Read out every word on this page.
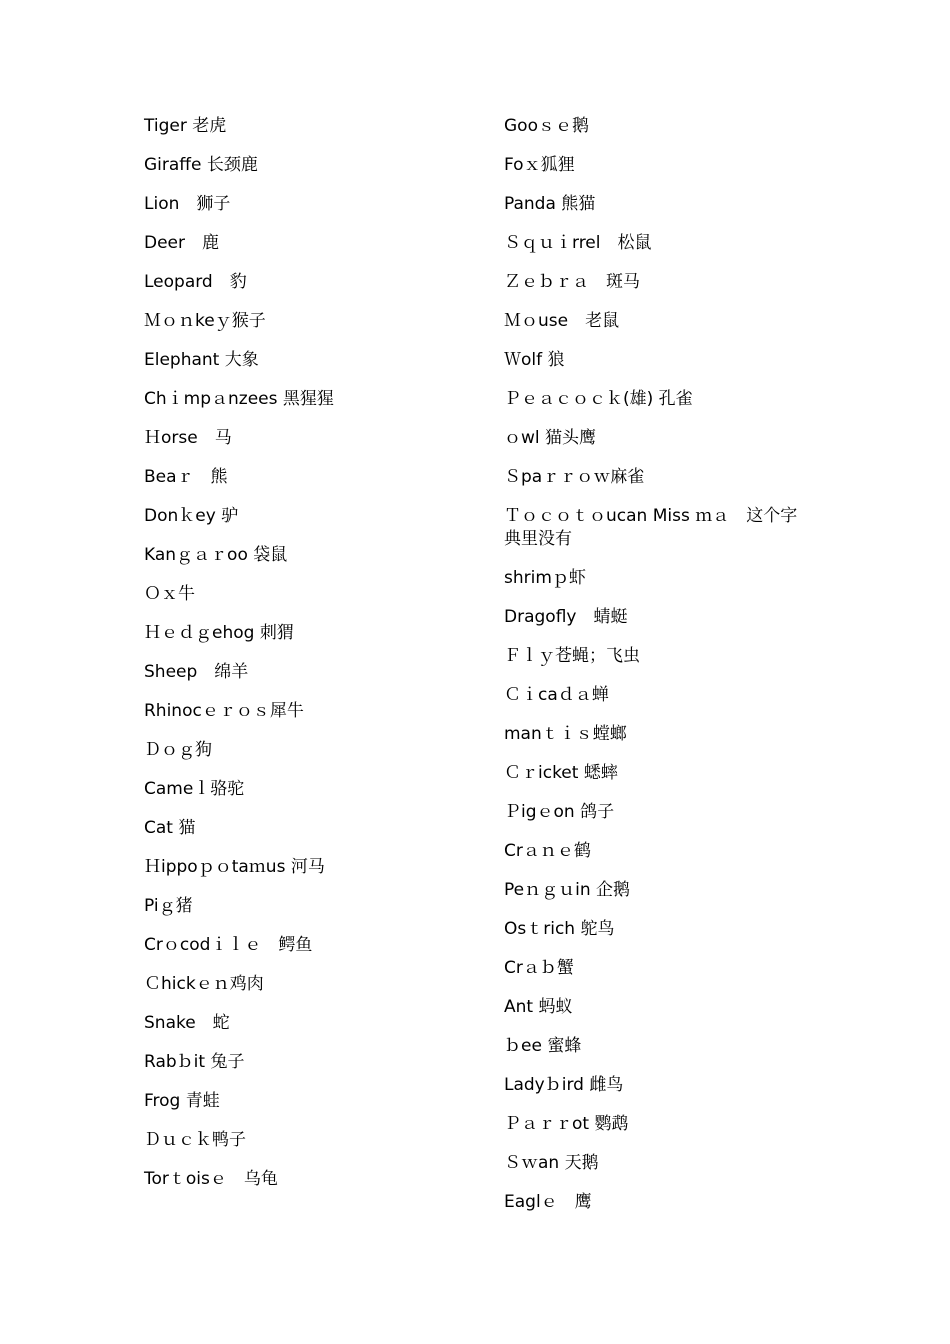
Tiger 老虎
Giraffe 长颈鹿
Lion　狮子
Deer　鹿
Leopard　豹
Ｍｏｎkeｙ猴子
Elephant 大象
Chｉmpａnzees 黑猩猩
Ｈorse　马
Beaｒ　熊
Donｋey 驴
Kanｇａｒoo 袋鼠
Ｏｘ牛
Ｈｅｄｇehog 刺猬
Sheep　绵羊
Rhinocｅｒｏｓ犀牛
Ｄｏｇ狗
Cameｌ骆驼
Cat 猫
Ｈippoｐｏtaｍus 河马
Piｇ猪
Crｏcodｉｌｅ　鳄鱼
Ｃhickｅｎ鸡肉
Snake　蛇
Rabｂit 兔子
Frog 青蛙
Ｄｕｃｋ鸭子
Torｔoisｅ　乌龟
Gooｓｅ鹅
Foｘ狐狸
Panda 熊猫
Ｓｑｕｉrrel　松鼠
Ｚｅｂｒａ　斑马
Ｍｏuse　老鼠
Ｗolf 狼
Ｐｅａｃｏｃｋ(雄) 孔雀
ｏwl 猫头鹰
Ｓpaｒｒｏｗ麻雀
Ｔｏｃｏｔｏucan Miss ｍａ　这个字典里没有
shrimｐ虾
Dragofly　蜻蜓
Ｆｌｙ苍蝇；飞虫
Ｃｉcaｄａ蝉
manｔｉｓ螳螂
Ｃｒicket 蟋蟀
Ｐigｅon 鸽子
Crａｎｅ鹤
Peｎｇｕin 企鹅
Osｔrich 鸵鸟
Crａｂ蟹
Ant 蚂蚁
ｂee 蜜蜂
Ladyｂird 雌鸟
Ｐａｒｒot 鹦鹉
Ｓｗan 天鹅
Eaglｅ　鹰
